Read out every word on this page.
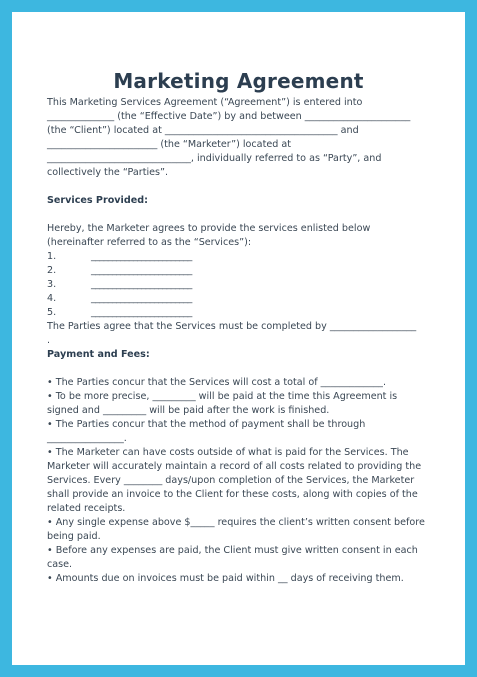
Marketing Agreement

This Marketing Services Agreement (“Agreement”) is entered into

______________ (the “Effective Date”) by and between ______________________

(the “Client”) located at ____________________________________ and

_______________________ (the “Marketer”) located at

______________________________, individually referred to as “Party”, and

collectively the “Parties”.

Services Provided:

Hereby, the Marketer agrees to provide the services enlisted below

(hereinafter referred to as the “Services”):

1.	________________________
2.	________________________
3.	________________________
4.	________________________
5.	________________________

The Parties agree that the Services must be completed by __________________

.

Payment and Fees:

• The Parties concur that the Services will cost a total of _____________.

• To be more precise, _________ will be paid at the time this Agreement is

signed and _________ will be paid after the work is finished.

• The Parties concur that the method of payment shall be through

________________.

• The Marketer can have costs outside of what is paid for the Services. The

Marketer will accurately maintain a record of all costs related to providing the

Services. Every ________ days/upon completion of the Services, the Marketer

shall provide an invoice to the Client for these costs, along with copies of the

related receipts.

• Any single expense above $_____ requires the client’s written consent before

being paid.

• Before any expenses are paid, the Client must give written consent in each

case.

• Amounts due on invoices must be paid within __ days of receiving them.
